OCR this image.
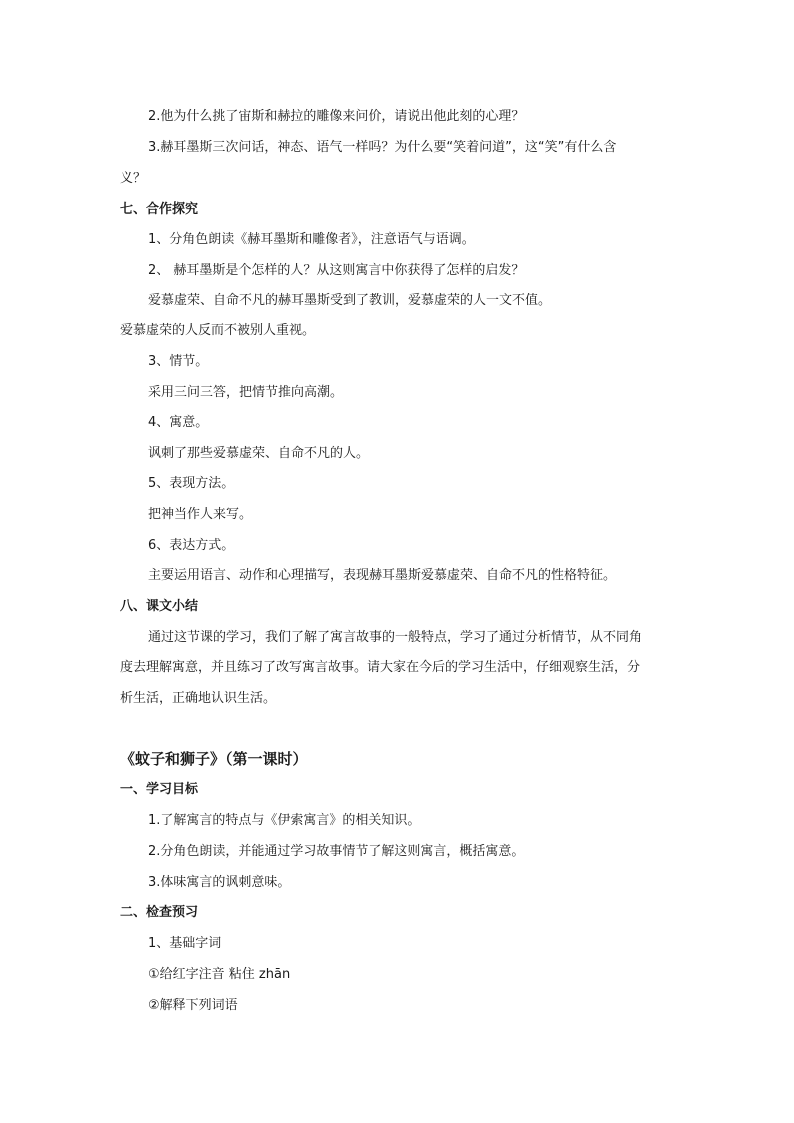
2.他为什么挑了宙斯和赫拉的雕像来问价，请说出他此刻的心理？
3.赫耳墨斯三次问话，神态、语气一样吗？为什么要“笑着问道”，这“笑”有什么含
义？
七、合作探究
1、分角色朗读《赫耳墨斯和雕像者》，注意语气与语调。
2、 赫耳墨斯是个怎样的人？从这则寓言中你获得了怎样的启发？
爱慕虚荣、自命不凡的赫耳墨斯受到了教训，爱慕虚荣的人一文不值。
爱慕虚荣的人反而不被别人重视。
3、情节。
采用三问三答，把情节推向高潮。
4、寓意。
讽刺了那些爱慕虚荣、自命不凡的人。
5、表现方法。
把神当作人来写。
6、表达方式。
主要运用语言、动作和心理描写，表现赫耳墨斯爱慕虚荣、自命不凡的性格特征。
八、课文小结
通过这节课的学习，我们了解了寓言故事的一般特点，学习了通过分析情节，从不同角
度去理解寓意，并且练习了改写寓言故事。请大家在今后的学习生活中，仔细观察生活，分
析生活，正确地认识生活。
《蚊子和狮子》（第一课时）
一、学习目标
1.了解寓言的特点与《伊索寓言》的相关知识。
2.分角色朗读，并能通过学习故事情节了解这则寓言，概括寓意。
3.体味寓言的讽刺意味。
二、检查预习
1、基础字词
①给红字注音 粘住 zhān
②解释下列词语
